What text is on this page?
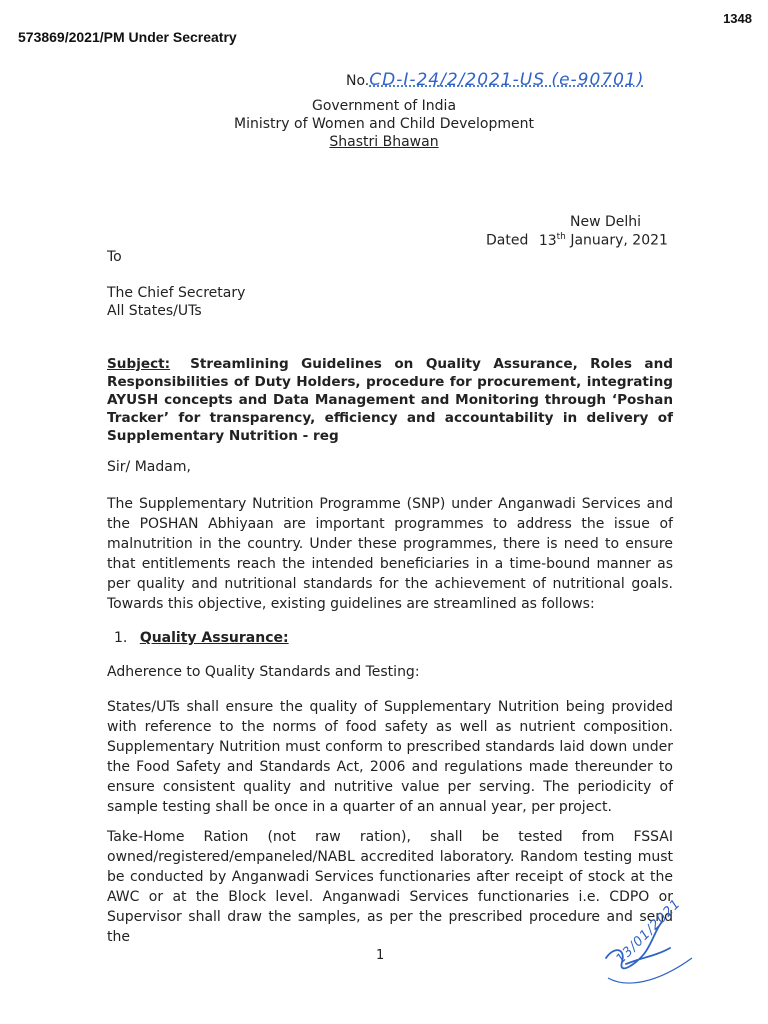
573869/2021/PM Under Secreatry
1348
No.CD-I-24/2/2021-US (e-90701)
Government of India
Ministry of Women and Child Development
Shastri Bhawan
New Delhi
Dated 13th January, 2021
To
The Chief Secretary
All States/UTs
Subject: Streamlining Guidelines on Quality Assurance, Roles and Responsibilities of Duty Holders, procedure for procurement, integrating AYUSH concepts and Data Management and Monitoring through ‘Poshan Tracker’ for transparency, efficiency and accountability in delivery of Supplementary Nutrition - reg
Sir/ Madam,
The Supplementary Nutrition Programme (SNP) under Anganwadi Services and the POSHAN Abhiyaan are important programmes to address the issue of malnutrition in the country. Under these programmes, there is need to ensure that entitlements reach the intended beneficiaries in a time-bound manner as per quality and nutritional standards for the achievement of nutritional goals. Towards this objective, existing guidelines are streamlined as follows:
1. Quality Assurance:
Adherence to Quality Standards and Testing:
States/UTs shall ensure the quality of Supplementary Nutrition being provided with reference to the norms of food safety as well as nutrient composition. Supplementary Nutrition must conform to prescribed standards laid down under the Food Safety and Standards Act, 2006 and regulations made thereunder to ensure consistent quality and nutritive value per serving. The periodicity of sample testing shall be once in a quarter of an annual year, per project.
Take-Home Ration (not raw ration), shall be tested from FSSAI owned/registered/empaneled/NABL accredited laboratory. Random testing must be conducted by Anganwadi Services functionaries after receipt of stock at the AWC or at the Block level. Anganwadi Services functionaries i.e. CDPO or Supervisor shall draw the samples, as per the prescribed procedure and send the
1	13/01/2021
